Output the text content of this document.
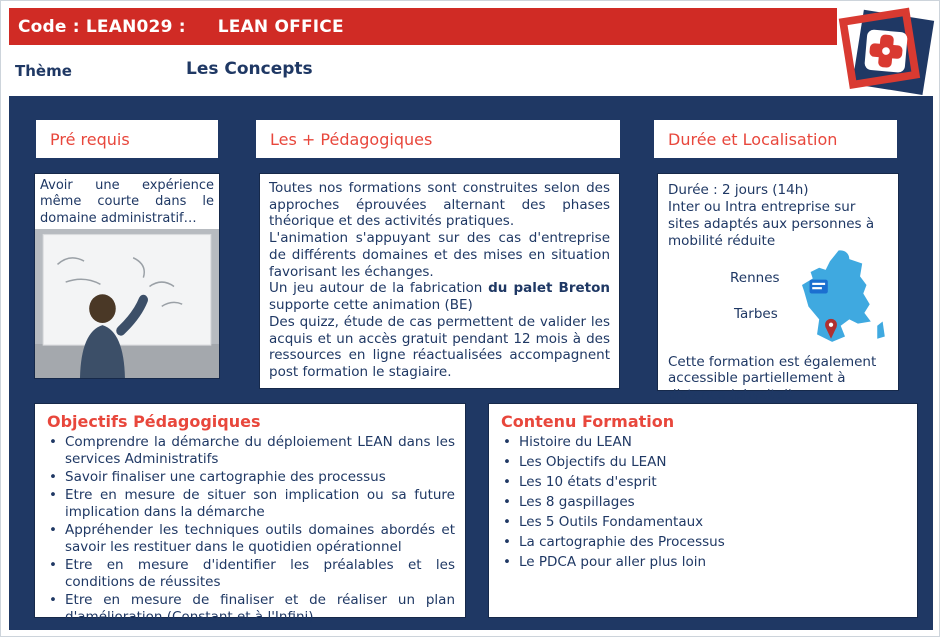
Code : LEAN029 : LEAN OFFICE
Thème	Les Concepts
Pré requis	Les + Pédagogiques	Durée et Localisation
Avoir une expérience même courte dans le domaine administratif…

Toutes nos formations sont construites selon des approches éprouvées alternant des phases théorique et des activités pratiques.

L'animation s'appuyant sur des cas d'entreprise de différents domaines et des mises en situation favorisant les échanges.

Un jeu autour de la fabrication du palet Breton supporte cette animation (BE)

Des quizz, étude de cas permettent de valider les acquis et un accès gratuit pendant 12 mois à des ressources en ligne réactualisées accompagnent post formation le stagiaire.

Durée : 2 jours (14h)

Inter ou Intra entreprise sur sites adaptés aux personnes à mobilité réduite

Rennes
Tarbes

Cette formation est également accessible partiellement à distance (physital)

Objectifs Pédagogiques
• Comprendre la démarche du déploiement LEAN dans les services Administratifs
• Savoir finaliser une cartographie des processus
• Etre en mesure de situer son implication ou sa future implication dans la démarche
• Appréhender les techniques outils domaines abordés et savoir les restituer dans le quotidien opérationnel
• Etre en mesure d'identifier les préalables et les conditions de réussites
• Etre en mesure de finaliser et de réaliser un plan d'amélioration (Constant et à l'Infini)
Contenu Formation
• Histoire du LEAN
• Les Objectifs du LEAN
• Les 10 états d'esprit
• Les 8 gaspillages
• Les 5 Outils Fondamentaux
• La cartographie des Processus
• Le PDCA pour aller plus loin
